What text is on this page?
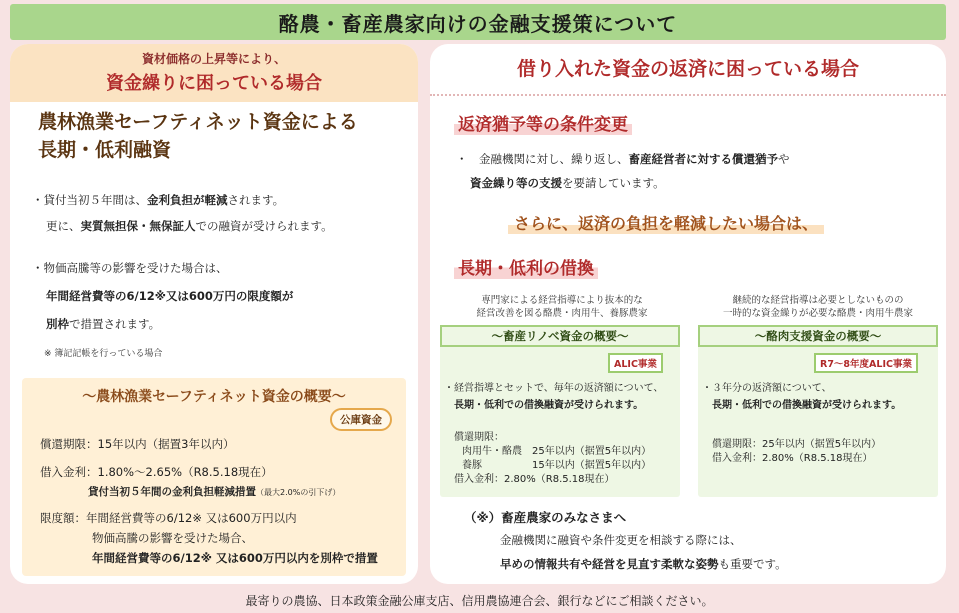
酪農・畜産農家向けの金融支援策について
資材価格の上昇等により、
資金繰りに困っている場合
農林漁業セーフティネット資金による
長期・低利融資
・貸付当初５年間は、金利負担が軽減されます。
更に、実質無担保・無保証人での融資が受けられます。
・物価高騰等の影響を受けた場合は、
年間経営費等の6/12※又は600万円の限度額が
別枠で措置されます。
※ 簿記記帳を行っている場合
～農林漁業セーフティネット資金の概要～
公庫資金
償還期限：15年以内（据置3年以内）
借入金利：1.80%～2.65%（R8.5.18現在）
貸付当初５年間の金利負担軽減措置（最大2.0%の引下げ）
限度額：年間経営費等の6/12※ 又は600万円以内
物価高騰の影響を受けた場合、
年間経営費等の6/12※ 又は600万円以内を別枠で措置
借り入れた資金の返済に困っている場合
返済猶予等の条件変更
・　金融機関に対し、繰り返し、畜産経営者に対する償還猶予や
資金繰り等の支援を要請しています。
さらに、返済の負担を軽減したい場合は、
長期・低利の借換
専門家による経営指導により抜本的な
経営改善を図る酪農・肉用牛、養豚農家
継続的な経営指導は必要としないものの
一時的な資金繰りが必要な酪農・肉用牛農家
～畜産リノベ資金の概要～
ALIC事業
・経営指導とセットで、毎年の返済額について、
長期・低利での借換融資が受けられます。
償還期限：
肉用牛・酪農　25年以内（据置5年以内）
養豚　　　　　15年以内（据置5年以内）
借入金利：2.80%（R8.5.18現在）
～酪肉支援資金の概要～
R7～8年度ALIC事業
・３年分の返済額について、
長期・低利での借換融資が受けられます。
償還期限：25年以内（据置5年以内）
借入金利：2.80%（R8.5.18現在）
（※）畜産農家のみなさまへ
金融機関に融資や条件変更を相談する際には、
早めの情報共有や経営を見直す柔軟な姿勢も重要です。
最寄りの農協、日本政策金融公庫支店、信用農協連合会、銀行などにご相談ください。
